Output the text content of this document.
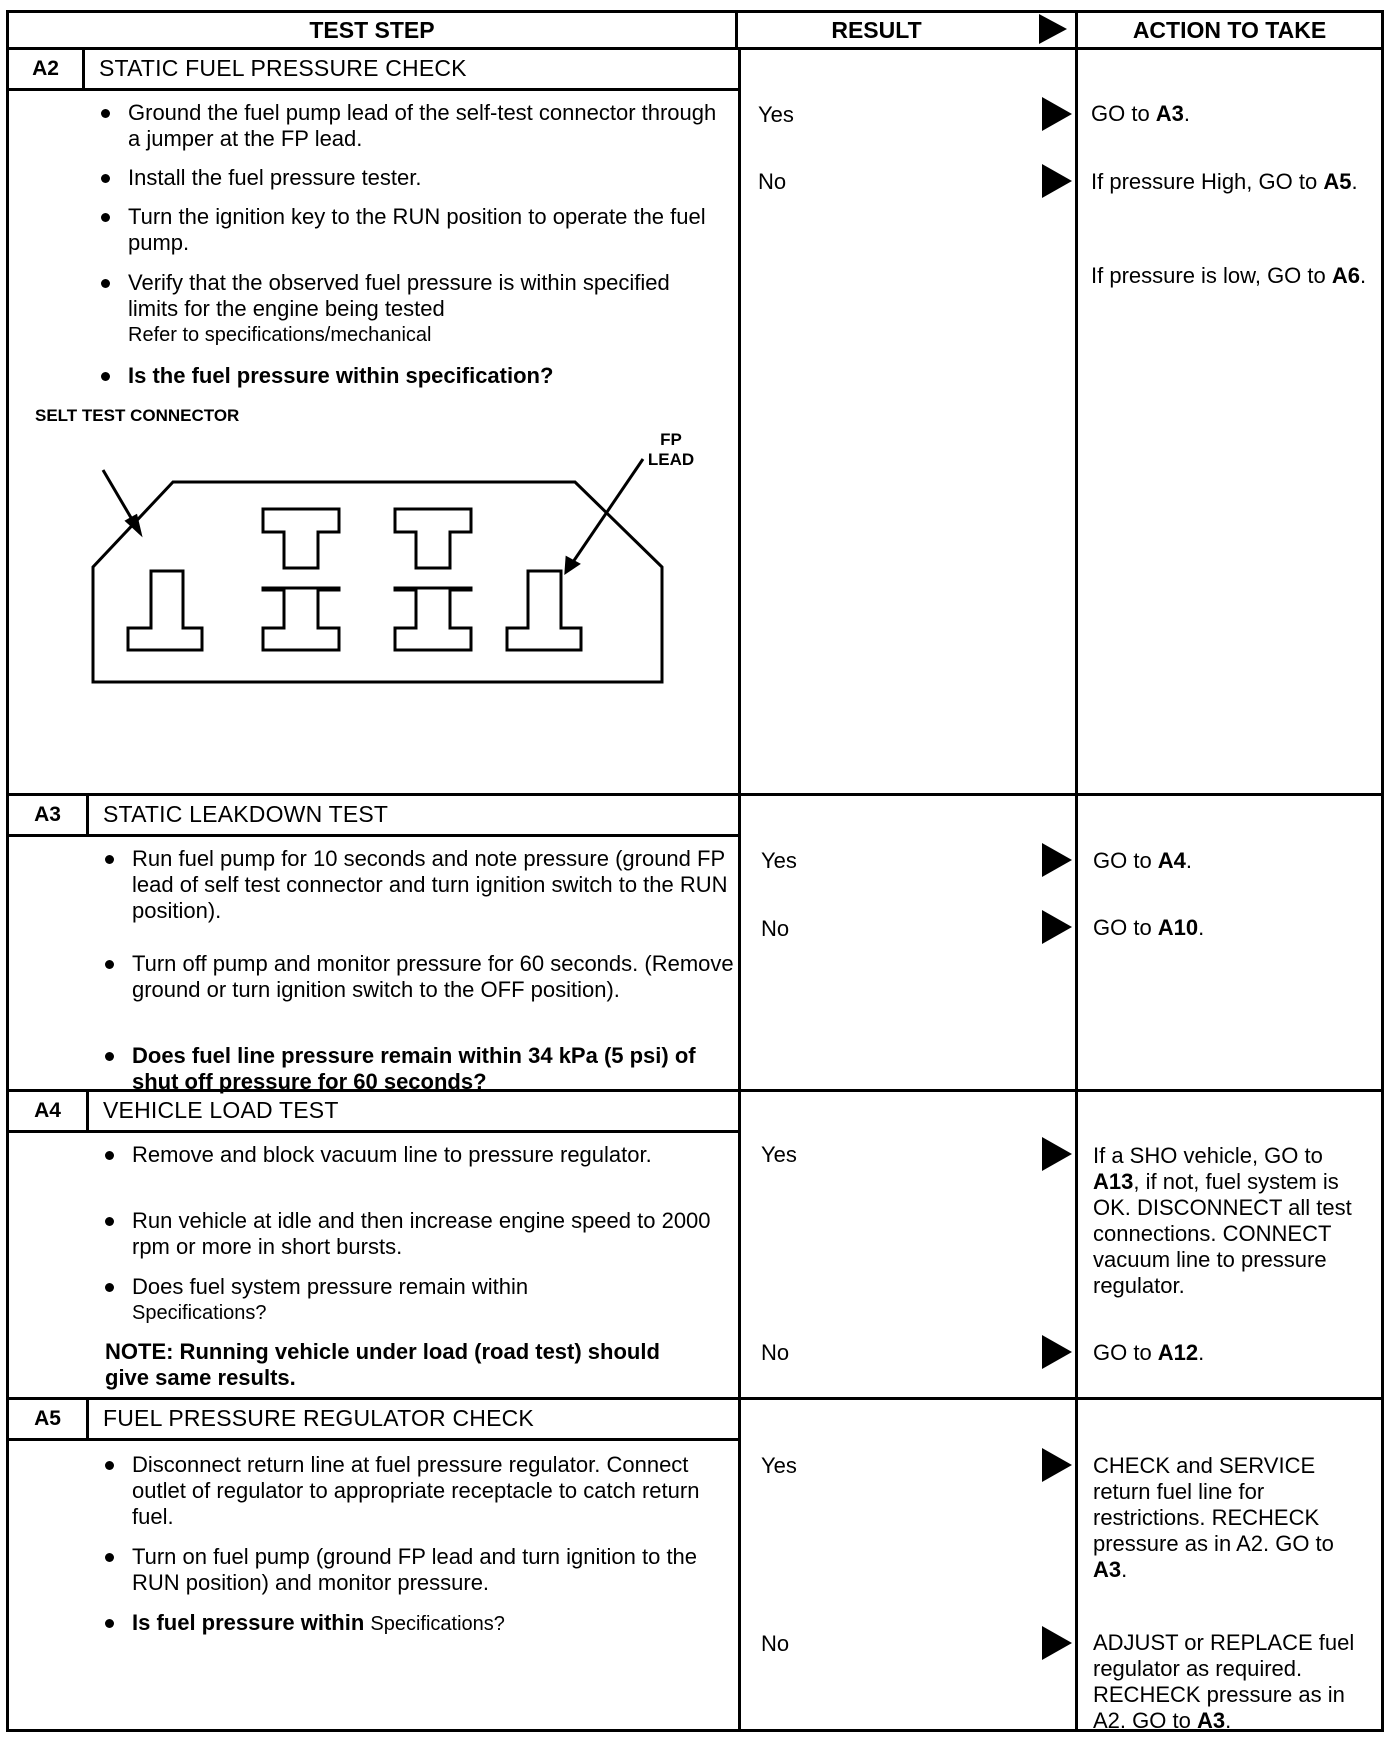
TEST STEP	RESULT	ACTION TO TAKE
A2	STATIC FUEL PRESSURE CHECK
Ground the fuel pump lead of the self-test connector through a jumper at the FP lead.
Install the fuel pressure tester.
Turn the ignition key to the RUN position to operate the fuel pump.
Verify that the observed fuel pressure is within specified limits for the engine being tested
Refer to specifications/mechanical
Is the fuel pressure within specification?
SELT TEST CONNECTOR
FP LEAD
Yes	GO to A3.
No	If pressure High, GO to A5.
If pressure is low, GO to A6.
A3	STATIC LEAKDOWN TEST
Run fuel pump for 10 seconds and note pressure (ground FP lead of self test connector and turn ignition switch to the RUN position).
Turn off pump and monitor pressure for 60 seconds. (Remove ground or turn ignition switch to the OFF position).
Does fuel line pressure remain within 34 kPa (5 psi) of shut off pressure for 60 seconds?
Yes	GO to A4.
No	GO to A10.
A4	VEHICLE LOAD TEST
Remove and block vacuum line to pressure regulator.
Run vehicle at idle and then increase engine speed to 2000 rpm or more in short bursts.
Does fuel system pressure remain within
Specifications?
NOTE: Running vehicle under load (road test) should give same results.
Yes	If a SHO vehicle, GO to A13, if not, fuel system is OK. DISCONNECT all test connections. CONNECT vacuum line to pressure regulator.
No	GO to A12.
A5	FUEL PRESSURE REGULATOR CHECK
Disconnect return line at fuel pressure regulator. Connect outlet of regulator to appropriate receptacle to catch return fuel.
Turn on fuel pump (ground FP lead and turn ignition to the RUN position) and monitor pressure.
Is fuel pressure within Specifications?
Yes	CHECK and SERVICE return fuel line for restrictions. RECHECK pressure as in A2. GO to A3.
No	ADJUST or REPLACE fuel regulator as required. RECHECK pressure as in A2. GO to A3.
